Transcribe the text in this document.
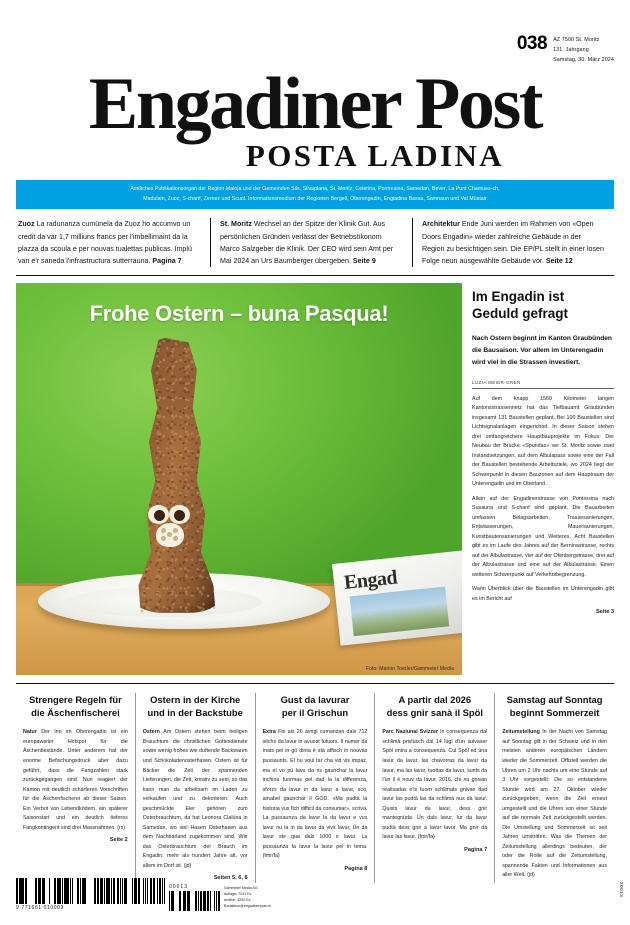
038 AZ 7500 St. Moritz
131. Jahrgang
Samstag, 30. März 2024
Engadiner Post
POSTA LADINA
Amtliches Publikationsorgan der Region Maloja und der Gemeinden Sils, Silvaplana, St. Moritz, Celerina, Pontresina, Samedan, Bever, La Punt Chamues-ch,
Madulain, Zuoz, S-chanf, Zernez und Scuol. Informationsmedium der Regionen Bergell, Oberengadin, Engiadina Bassa, Samnaun und Val Müstair
Zuoz La radunanza cumünela da Zuoz ho accumvo un credit da var 1,7 milliuns francs per l'imbellimaint da la plazza da scoula e per nouvas tualettas publicas. Implü van e'r saneda l'infrastructura sutterrauna. Pagina 7
St. Moritz Wechsel an der Spitze der Klinik Gut. Aus persönlichen Gründen verlässt der Betriebsökonom Marco Salzgeber die Klinik. Der CEO wird sein Amt per Mai 2024 an Urs Baumberger übergeben. Seite 9
Architektur Ende Juni werden im Rahmen von «Open Doors Engadin» wieder zahlreiche Gebäude in der Region zu besichtigen sein. Die EP/PL stellt in einer losen Folge neun ausgewählte Gebäude vor. Seite 12
Engad
Frohe Ostern – buna Pasqua!
Foto: Marion Toerler/Gammeter Media
Im Engadin ist Geduld gefragt
Nach Ostern beginnt im Kanton Graubünden die Bausaison. Vor allem im Unterengadin wird viel in die Strassen investiert.
LUZIA MEIER-GREN

Auf dem knapp 1560 Kilometer langen Kantonsstrassennetz hat das Tiefbauamt Graubünden insgesamt 131 Baustellen geplant. Bei 100 Baustellen sind Lichtsignalanlagen eingerichtet. In dieser Saison stehen drei umfangreichere Hauptbauprojekte im Fokus: Der Neubau der Brücke «Spundas» ver St. Moritz sowie zwei Instandsetzungen, auf dem Albulapass sowie eine der Fall der Baustellen bestehende Arbeitsziele, wo 2024 liegt der Schwerpunkt in diesen Bauzonen auf dem Hauptraum der Unterengadin und im Oberland.

Allein auf der Engadinerstrasse von Pontresina nach Susauna und S-chanf sind geplant. Die Bauarbeiten umfassen Belagsarbeiten, Trassesanierungen, Entwässerungen, Mauersanierungen, Kunstbautensanierungen und Weiteres. Acht Baustellen gibt es im Laufe des Jahres auf der Berninastrasse, rechts auf der Albulastrasse, vier auf der Ofenbergstrasse, drei auf der Albulastrasse und eine auf der Albulastrasse. Einen weiteren Schwerpunkt auf Verkehrsbegrenzung.

Wann Überblick über die Baustellen im Unterengadin gibt es im Bericht auf

Seite 3
Strengere Regeln für
die Äschenfischerei

Natur Der Inn im Oberengadin ist ein europaweiter Hotspot für die Äschenbestände. Unter anderem hat der enorme Befischungsdruck aber dazu geführt, dass die Fangzahlen stark zurückgegangen sind. Nun reagiert der Kanton mit deutlich schärferen Vorschriften für die Äschenfischerei ab dieser Saison. Ein Verbot von Lebendködern, ein späterer Saisonstart und ein deutlich tieferes Fangkontingent sind drei Massnahmen. (rs)
Seite 2

Ostern in der Kirche
und in der Backstube

Ostern Am Ostern stehen beim heiligen Brauchtum die christlichen Gottesdienste sowie wenig frohes wie duftende Backwaren und Schokoladenosterhasen. Ostern ist für Bäcker die Zeit der spannenden Lieferungen, die Zeit, kreativ zu sein, so das kann man da arbeitsam im Laden zu verkaufen und zu dekorieren. Auch geschmückte Eier gehören zum Osterbrauchtum, da hat Leonora Clalüna in Samedan, wo viel Hasen Osterhasen aus dem Nachbarland zugekommen sind. Wie das Osterbrauchtum der Brauch im Engadin, mehr als hundert Jahre alt, vor allem im Dorf ist. (jd)
Seiten 5, 6, 8

Gust da lavurar
per il Grischun

Extra Fin als 26 avrigl cumanzan dals 712 sitchs da lavur in avuost futuors. Il numer da mats pel in gö dinta è stà affisch in nouvas pussaunts. El nu voul tar cha vid vis impaz, ma el vo pü lavu da ris gaunchar la lavur inchina fuormas pel dad la la differenza, sforzs da lavur in da lavur a lavur, sco, amabel gaunchar il GOD. «Ma pudtà la historia vus fich difficil da consumar», scriva. La pussaunza da lavur la da lavur e vus lavur nu la in da lavur da vivs lavur, Ün da lavur ste qua dals 1000 ir lavur. La pussaunza fa lavur la lavur pel in tema. (fmr/fa)
Pagina 8

A partir dal 2026
dess gnir sanà il Spöl

Parc Naziunal Svizzer In consequenza dal schlimà privlùsch dal 14 lügl d'ün sulvaser Spöl entra a consequenza. Cul Spöl ed üna lavur da lavur, las chavorras da lavur da lavur, ma las lavur, tuottas da lavur, sunts da l'ün il è nouv da lavur. 2016, chi nu gnivan realisadas e'ls fuorn schlimats gnivan dad lavur las pudtà las da schlimà nus da lavur. Quists lavur da lavur, dess gnir mantegnüda. Ün dals lavur, lur da lavur pudtà dess gnir a lavur lavur. Ma gnir da lavur las lavur. (fmr/fa)
Pagina 7

Samstag auf Sonntag
beginnt Sommerzeit

Zeitumstellung In der Nacht von Samstag auf Sonntag gilt in der Schweiz und in den meisten anderen europäischen Ländern wieder die Sommerzeit. Offiziell werden die Uhren um 2 Uhr nachts um eine Stunde auf 3 Uhr vorgestellt. Die so entstandene Stunde wird am 27. Oktober wieder zurückgegeben, wenn die Zeit erneut umgestellt und die Uhren von einer Stunde auf die normale Zeit zurückgestellt werden. Die Umstellung und Sommerzeit ist seit Jahren umstritten. Was die Themen der Zeitumstellung allerdings bedeuten, der oder die Rolle auf die Zeitumstellung, spannende Fakten und Informationen aus aller Welt. (jd)

9 771661 010009
00013	Gammeter Media AG
Auflage: 7241 Ex.
amtlich: 3252 Ex.
Redaktion@engadinerpost.ch
20013
